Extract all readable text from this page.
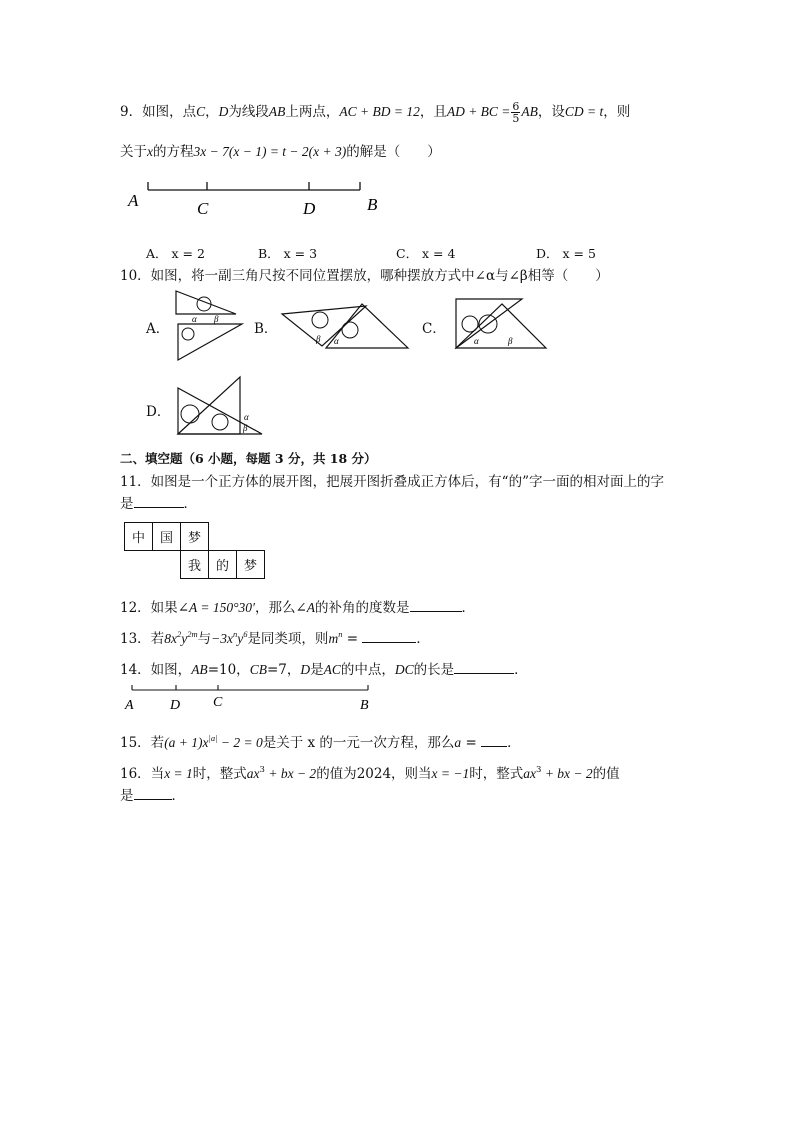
9．如图，点C，D为线段AB上两点，AC + BD = 12，且AD + BC = $\frac{6}{5}$ AB，设CD = t，则
关于x的方程3x − 7(x − 1) = t − 2(x + 3)的解是（　　）
A	C	D	B
A． x = 2	B． x = 3	C． x = 4	D． x = 5
10．如图，将一副三角尺按不同位置摆放，哪种摆放方式中∠α与∠β相等（　　）
A．
α β
B．
β α
C．
α	β
D．	α
β
二、填空题（6 小题，每题 3 分，共 18 分）
11．如图是一个正方体的展开图，把展开图折叠成正方体后，有“的”字一面的相对面上的字
是	．
中	国	梦		
		我	的	梦
12．如果∠A = 150°30′，那么∠A的补角的度数是	．
13．若$8x^2y^{2m}$与$-3x^ny^6$是同类项，则$m^n$ =	．
14．如图，AB=10，CB=7，D是AC的中点，DC的长是	．
A	D C	B
15．若$(a + 1)x^{|a|} - 2 = 0$是关于 x 的一元一次方程，那么a = ．
16．当x = 1时，整式$ax^3$ + bx − 2的值为2024，则当x = −1时，整式$ax^3$ + bx − 2的值
是	．
